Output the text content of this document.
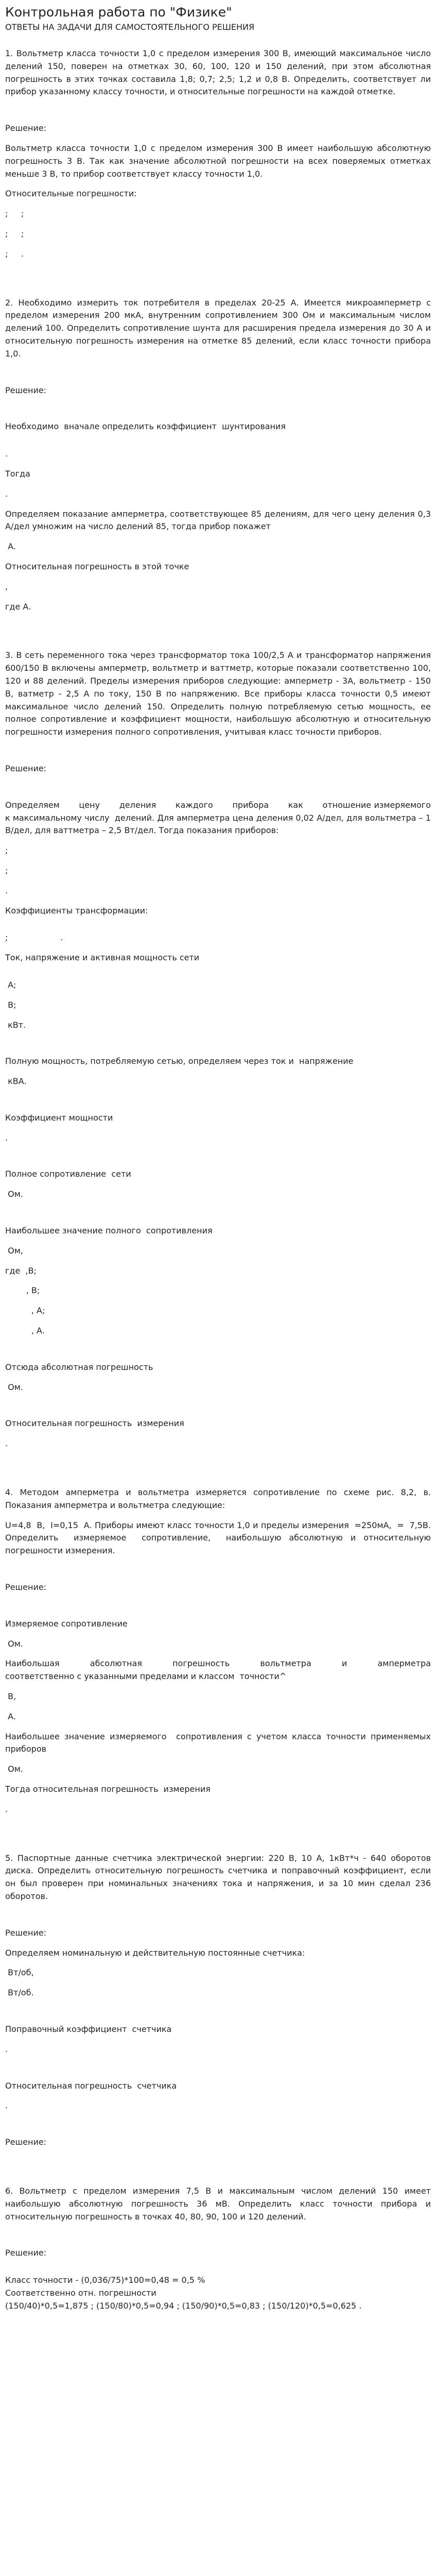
Контрольная работа по "Физике"
ОТВЕТЫ НА ЗАДАЧИ ДЛЯ САМОСТОЯТЕЛЬНОГО РЕШЕНИЯ

1. Вольтметр класса точности 1,0 с пределом измерения 300 В, имеющий максимальное число делений 150, поверен на отметках 30, 60, 100, 120 и 150 делений, при этом абсолютная погрешность в этих точках составила 1,8; 0,7; 2,5; 1,2 и 0,8 В. Определить, соответствует ли прибор указанному классу точности, и относительные погрешности на каждой отметке.

Решение:

Вольтметр класса точности 1,0 с пределом измерения 300 В имеет наибольшую абсолютную погрешность 3 В. Так как значение абсолютной погрешности на всех поверяемых отметках меньше 3 В, то прибор соответствует классу точности 1,0.

Относительные погрешности:

;     ;

;     ;

;     .

2. Необходимо измерить ток потребителя в пределах 20-25 А. Имеется микроамперметр с пределом измерения 200 мкА, внутренним сопротивлением 300 Ом и максимальным числом делений 100. Определить сопротивление шунта для расширения предела измерения до 30 А и относительную погрешность измерения на отметке 85 делений, если класс точности прибора 1,0.

Решение:

Необходимо  вначале определить коэффициент  шунтирования

.

Тогда

.

Определяем показание амперметра, соответствующее 85 делениям, для чего цену деления 0,3 А/дел умножим на число делений 85, тогда прибор покажет

А.

Относительная погрешность в этой точке

,

где А.

3. В сеть переменного тока через трансформатор тока 100/2,5 А и трансформатор напряжения 600/150 В включены амперметр, вольтметр и ваттметр, которые показали соответственно 100, 120 и 88 делений. Пределы измерения приборов следующие: амперметр - 3А, вольтметр - 150 В, ватметр - 2,5 А по току, 150 В по напряжению. Все приборы класса точности 0,5 имеют максимальное число делений 150. Определить полную потребляемую сетью мощность, ее полное сопротивление и коэффициент мощности, наибольшую абсолютную и относительную погрешности измерения полного сопротивления, учитывая класс точности приборов.

Решение:

Определяем       цену       деления       каждого       прибора       как       отношение измеряемого к максимальному числу  делений. Для амперметра цена деления 0,02 А/дел, для вольтметра – 1 В/дел, для ваттметра – 2,5 Вт/дел. Тогда показания приборов:

;

;

.

Коэффициенты трансформации:

;                    .

Ток, напряжение и активная мощность сети

А;

В;

кВт.

Полную мощность, потребляемую сетью, определяем через ток и  напряжение

кВА.

Коэффициент мощности

.

Полное сопротивление  сети

Ом.

Наибольшее значение полного  сопротивления

Ом,

где  ,В;

, В;

, А;

, А.

Отсюда абсолютная погрешность

Ом.

Относительная погрешность  измерения

.

4. Методом амперметра и вольтметра измеряется сопротивление по схеме рис. 8,2, в. Показания амперметра и вольтметра следующие:

U=4,8  В,  I=0,15  А. Приборы имеют класс точности 1,0 и пределы измерения  =250мА,  =  7,5В.  Определить  измеряемое  сопротивление,  наибольшую абсолютную и относительную погрешности измерения.

Решение:

Измеряемое сопротивление

Ом.

Наибольшая        абсолютная        погрешность        вольтметра        и        амперметра соответственно с указанными пределами и классом  точности^

В,

А.

Наибольшее значение измеряемого  сопротивления с учетом класса точности применяемых приборов

Ом.

Тогда относительная погрешность  измерения

.

5. Паспортные данные счетчика электрической энергии: 220 В, 10 А, 1кВт*ч - 640 оборотов диска. Определить относительную погрешность счетчика и поправочный коэффициент, если он был проверен при номинальных значениях тока и напряжения, и за 10 мин сделал 236 оборотов.

Решение:

Определяем номинальную и действительную постоянные счетчика:

Вт/об,

Вт/об.

Поправочный коэффициент  счетчика

.

Относительная погрешность  счетчика

.

Решение:

6. Вольтметр с пределом измерения 7,5 В и максимальным числом делений 150 имеет наибольшую абсолютную погрешность 36 мВ. Определить класс точности прибора и относительную погрешность в точках 40, 80, 90, 100 и 120 делений.

Решение:

Класс точности - (0,036/75)*100=0,48 = 0,5 %

Соответственно отн. погрешности

(150/40)*0,5=1,875 ; (150/80)*0,5=0,94 ; (150/90)*0,5=0,83 ; (150/120)*0,5=0,625 .
